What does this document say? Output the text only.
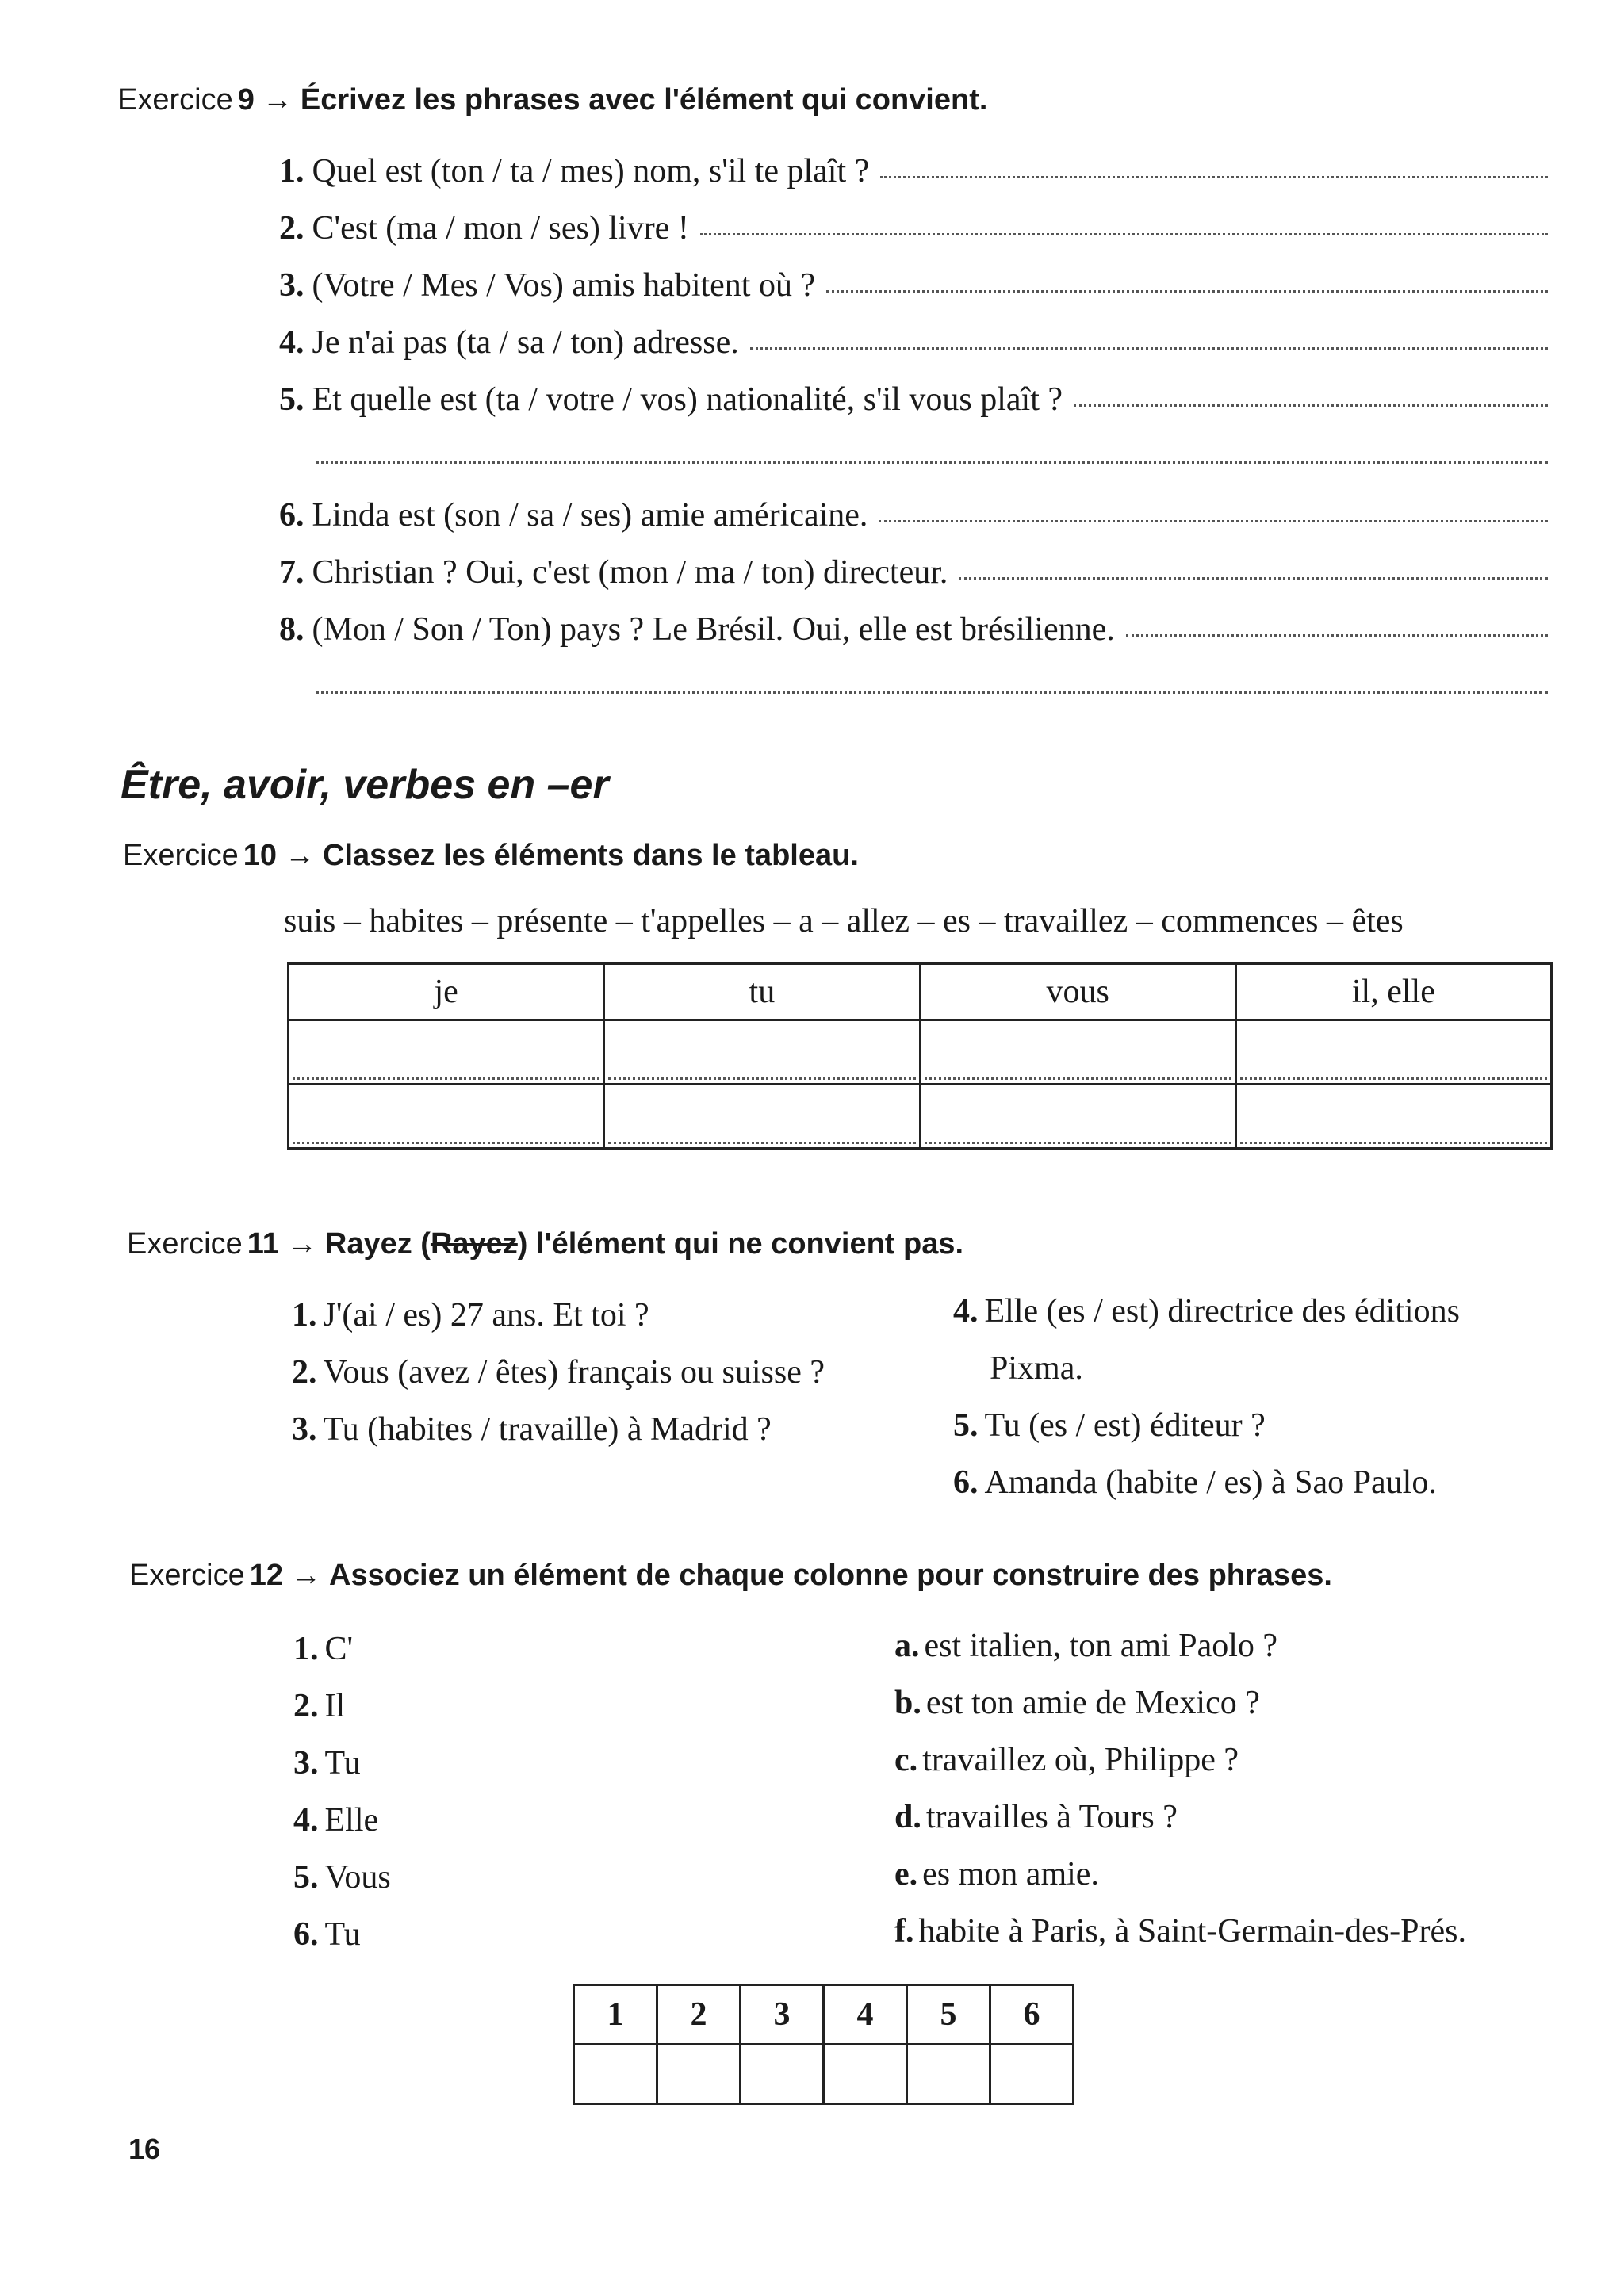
Exercice 9 → Écrivez les phrases avec l'élément qui convient.
1. Quel est (ton / ta / mes) nom, s'il te plaît ?
2. C'est (ma / mon / ses) livre !
3. (Votre / Mes / Vos) amis habitent où ?
4. Je n'ai pas (ta / sa / ton) adresse.
5. Et quelle est (ta / votre / vos) nationalité, s'il vous plaît ?
6. Linda est (son / sa / ses) amie américaine.
7. Christian ? Oui, c'est (mon / ma / ton) directeur.
8. (Mon / Son / Ton) pays ? Le Brésil. Oui, elle est brésilienne.
Être, avoir, verbes en –er
Exercice 10 → Classez les éléments dans le tableau.
suis – habites – présente – t'appelles – a – allez – es – travaillez – commences – êtes
je	tu	vous	il, elle

Exercice 11 → Rayez (Rayez) l'élément qui ne convient pas.
1. J'(ai / es) 27 ans. Et toi ?
2. Vous (avez / êtes) français ou suisse ?
3. Tu (habites / travaille) à Madrid ?
4. Elle (es / est) directrice des éditions
Pixma.
5. Tu (es / est) éditeur ?
6. Amanda (habite / es) à Sao Paulo.
Exercice 12 → Associez un élément de chaque colonne pour construire des phrases.
1. C'
2. Il
3. Tu
4. Elle
5. Vous
6. Tu
a. est italien, ton ami Paolo ?
b. est ton amie de Mexico ?
c. travaillez où, Philippe ?
d. travailles à Tours ?
e. es mon amie.
f. habite à Paris, à Saint-Germain-des-Prés.
1	2	3	4	5	6

16
